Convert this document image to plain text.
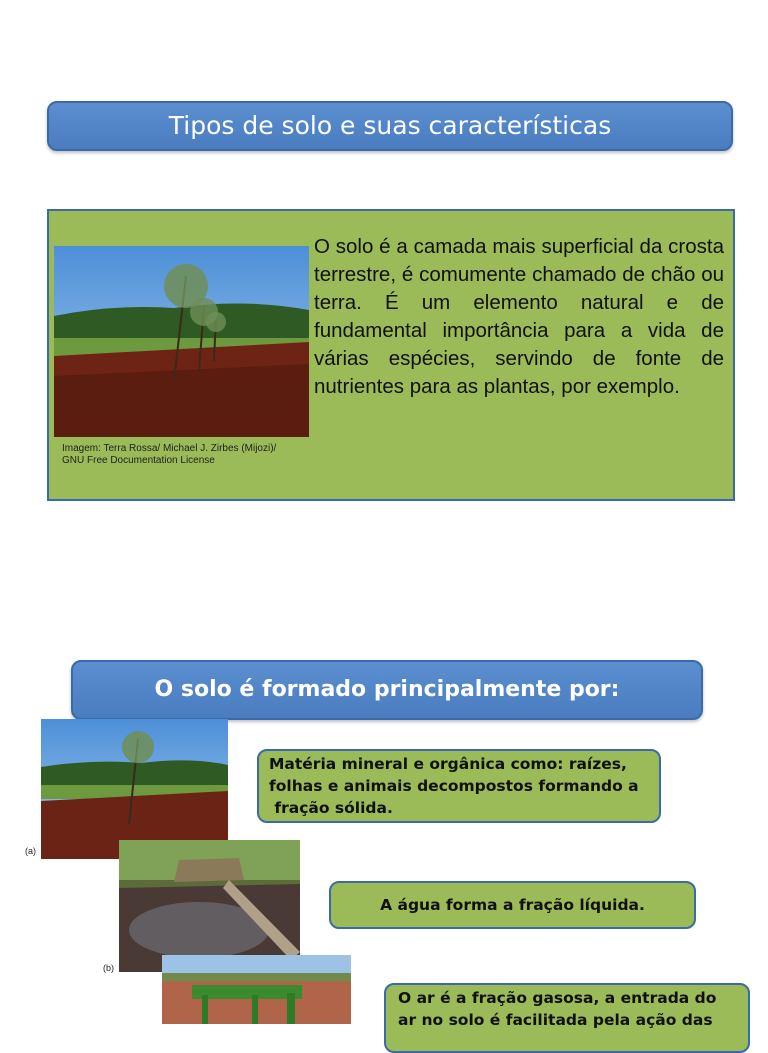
Tipos de solo e suas características
Imagem: Terra Rossa/ Michael J. Zirbes (Mijozi)/
GNU Free Documentation License

O solo é a camada mais superficial da crosta terrestre, é comumente chamado de chão ou terra. É um elemento natural e de fundamental importância para a vida de várias espécies, servindo de fonte de nutrientes para as plantas, por exemplo.

O solo é formado principalmente por:
(a)
(b)
Matéria mineral e orgânica como: raízes,
folhas e animais decompostos formando a
fração sólida.
A água forma a fração líquida.
O ar é a fração gasosa, a entrada do
ar no solo é facilitada pela ação das
